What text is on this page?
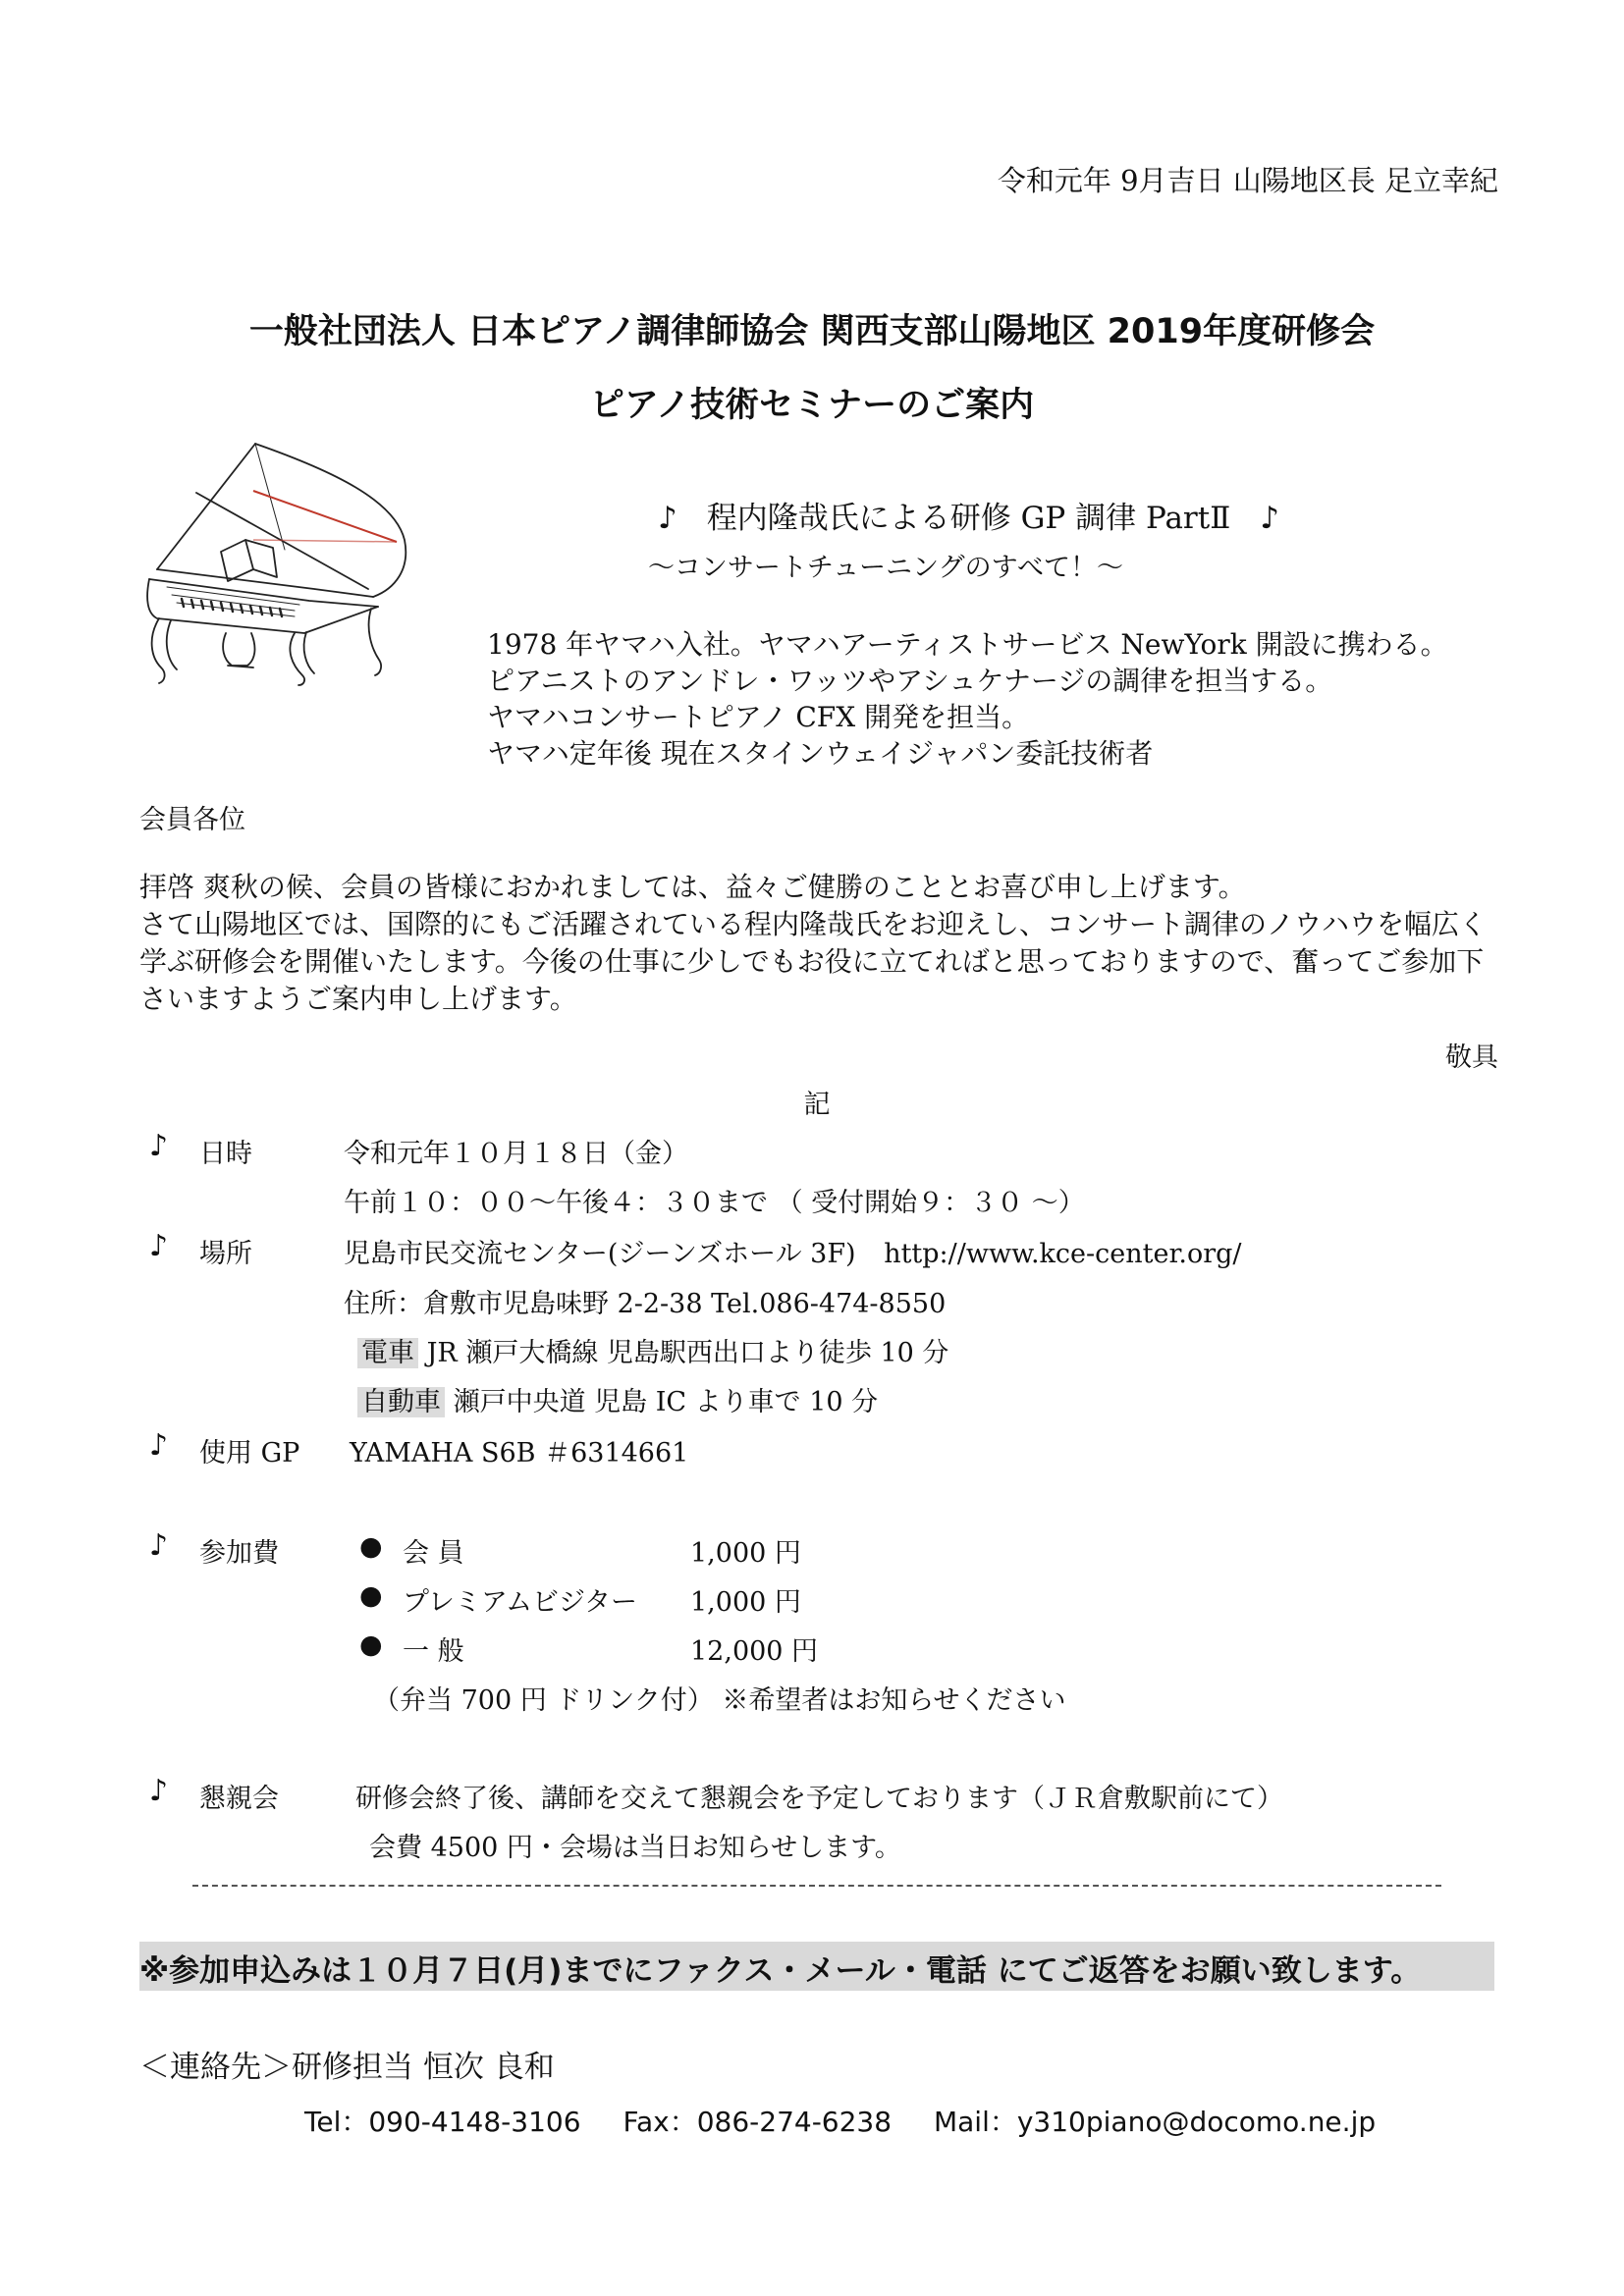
令和元年 9月吉日 山陽地区長 足立幸紀
一般社団法人 日本ピアノ調律師協会 関西支部山陽地区 2019年度研修会
ピアノ技術セミナーのご案内
♪ 程内隆哉氏による研修 GP 調律 PartⅡ ♪
～コンサートチューニングのすべて！～
1978 年ヤマハ入社。ヤマハアーティストサービス NewYork 開設に携わる。
ピアニストのアンドレ・ワッツやアシュケナージの調律を担当する。
ヤマハコンサートピアノ CFX 開発を担当。
ヤマハ定年後 現在スタインウェイジャパン委託技術者
会員各位

拝啓 爽秋の候、会員の皆様におかれましては、益々ご健勝のこととお喜び申し上げます。

さて山陽地区では、国際的にもご活躍されている程内隆哉氏をお迎えし、コンサート調律のノウハウを幅広く学ぶ研修会を開催いたします。今後の仕事に少しでもお役に立てればと思っておりますので、奮ってご参加下さいますようご案内申し上げます。

敬具
記
♪ 日時	令和元年１０月１８日（金）
午前１０：００～午後４：３０まで （ 受付開始９：３０ ～）
♪ 場所	児島市民交流センター(ジーンズホール 3F) http://www.kce-center.org/
住所：倉敷市児島味野 2-2-38 Tel.086-474-8550
電車 JR 瀬戸大橋線 児島駅西出口より徒歩 10 分
自動車 瀬戸中央道 児島 IC より車で 10 分
♪ 使用 GP YAMAHA S6B ＃6314661
♪ 参加費	● 会 員	1,000 円
● プレミアムビジター 1,000 円
● 一 般	12,000 円
（弁当 700 円 ドリンク付） ※希望者はお知らせください
♪ 懇親会	研修会終了後、講師を交えて懇親会を予定しております（ＪＲ倉敷駅前にて）
会費 4500 円・会場は当日お知らせします。
※参加申込みは１０月７日(月)までにファクス・メール・電話 にてご返答をお願い致します。
＜連絡先＞研修担当 恒次 良和
Tel：090-4148-3106 Fax：086-274-6238 Mail：y310piano@docomo.ne.jp
